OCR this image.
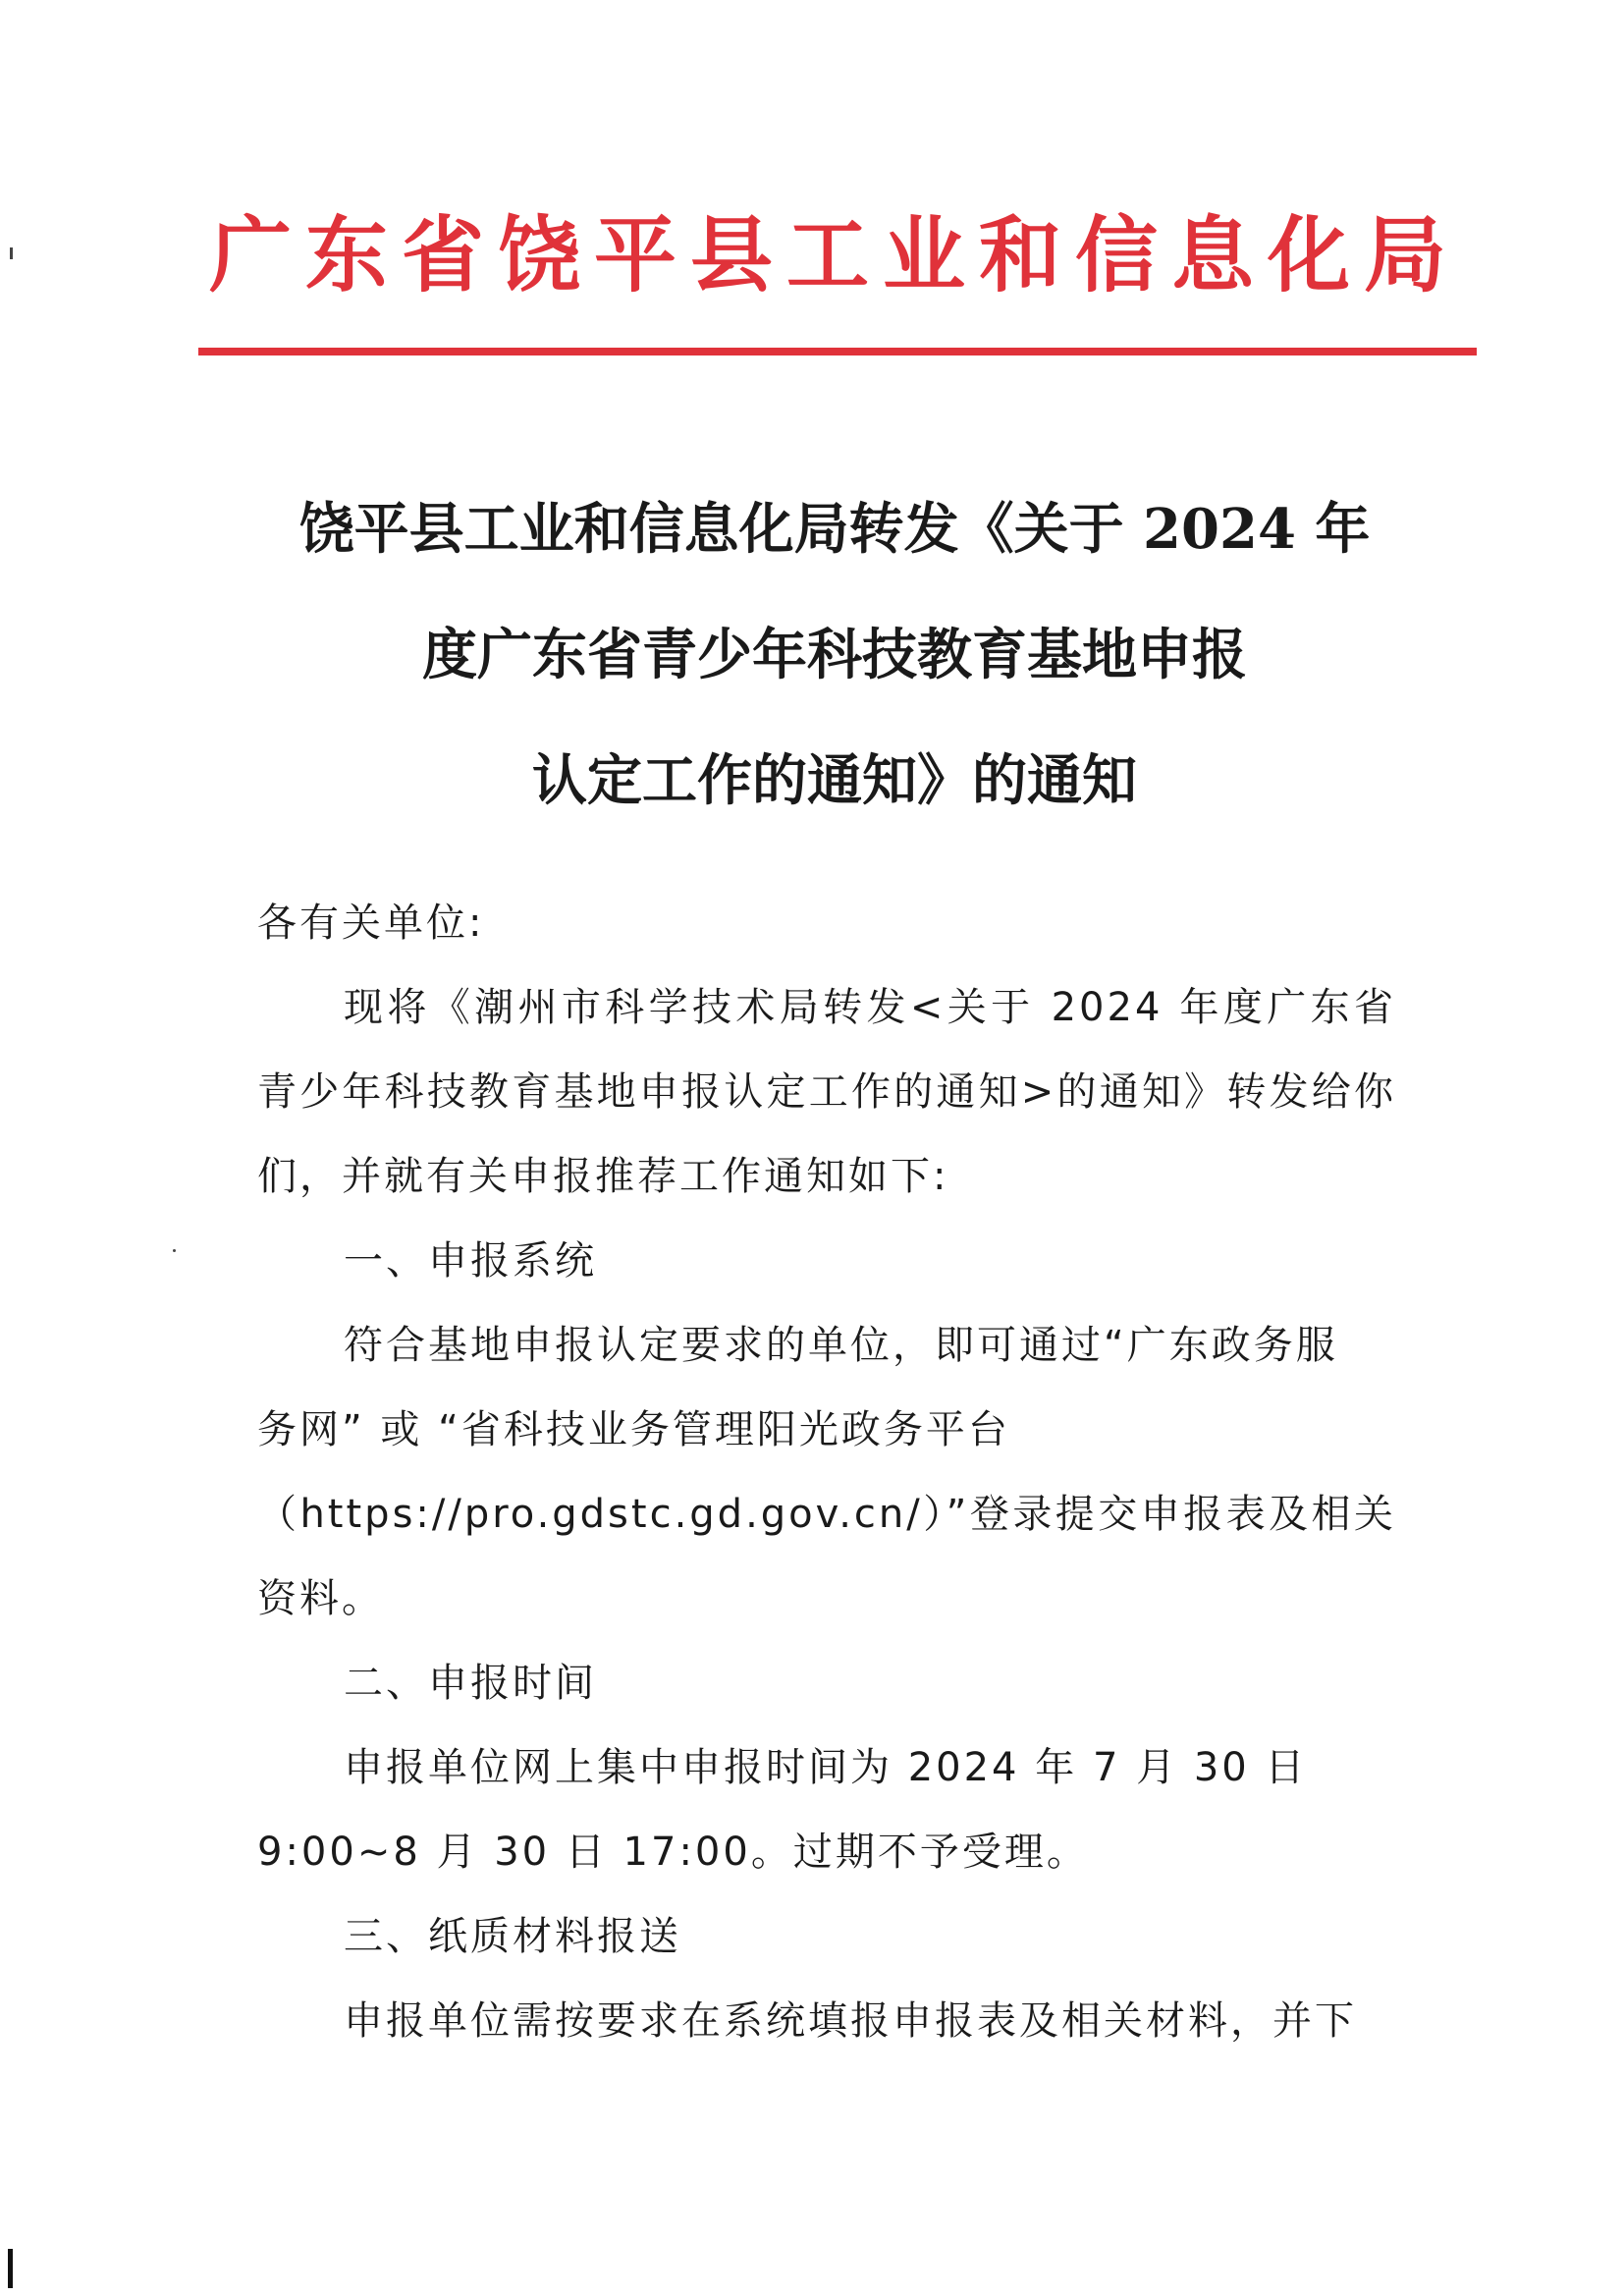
广东省饶平县工业和信息化局
饶平县工业和信息化局转发《关于 2024 年
度广东省青少年科技教育基地申报
认定工作的通知》的通知

各有关单位:

现将《潮州市科学技术局转发<关于 2024 年度广东省青少年科技教育基地申报认定工作的通知>的通知》转发给你们，并就有关申报推荐工作通知如下:

一、申报系统

符合基地申报认定要求的单位，即可通过“广东政务服

务网” 或 “省科技业务管理阳光政务平台

（https://pro.gdstc.gd.gov.cn/）”登录提交申报表及相关资料。

二、申报时间

申报单位网上集中申报时间为 2024 年 7 月 30 日

9:00~8 月 30 日 17:00。过期不予受理。

三、纸质材料报送

申报单位需按要求在系统填报申报表及相关材料，并下
